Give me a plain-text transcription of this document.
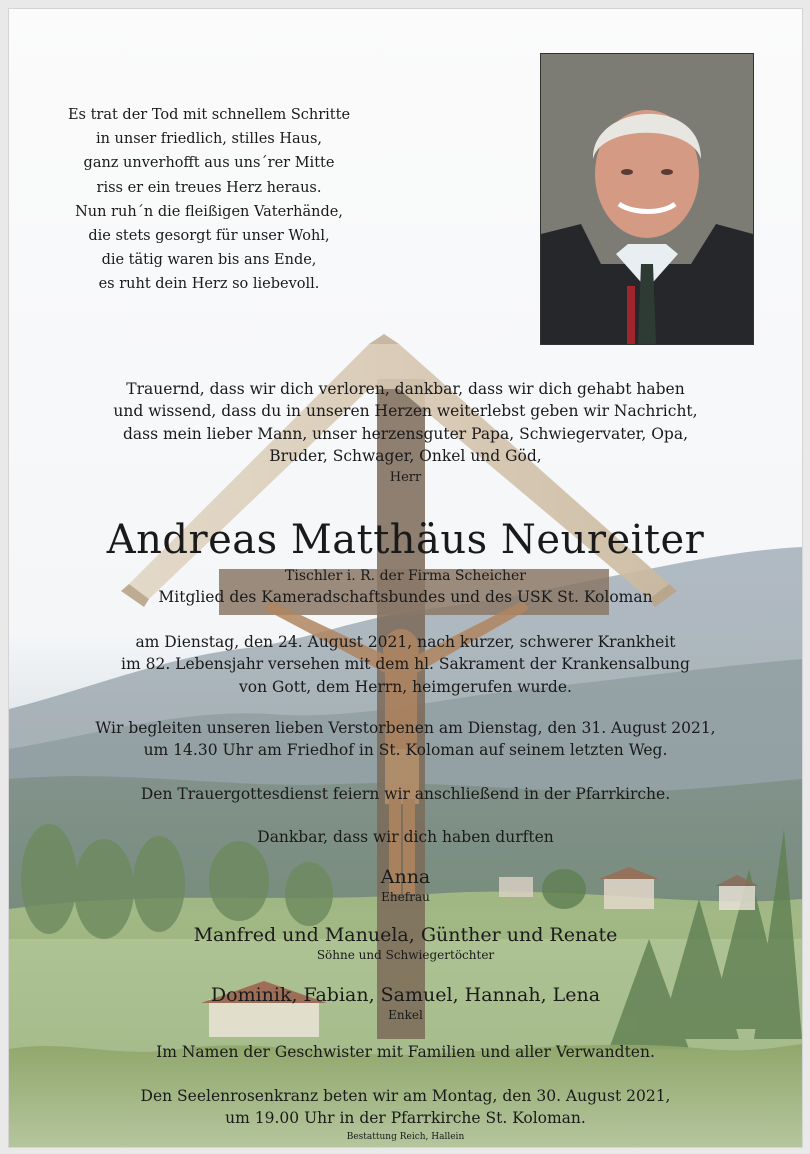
Es trat der Tod mit schnellem Schritte
in unser friedlich, stilles Haus,
ganz unverhofft aus uns´rer Mitte
riss er ein treues Herz heraus.
Nun ruh´n die fleißigen Vaterhände,
die stets gesorgt für unser Wohl,
die tätig waren bis ans Ende,
es ruht dein Herz so liebevoll.
Trauernd, dass wir dich verloren, dankbar, dass wir dich gehabt haben
und wissend, dass du in unseren Herzen weiterlebst geben wir Nachricht,
dass mein lieber Mann, unser herzensguter Papa, Schwiegervater, Opa,
Bruder, Schwager, Onkel und Göd,
Herr
Andreas Matthäus Neureiter
Tischler i. R. der Firma Scheicher
Mitglied des Kameradschaftsbundes und des USK St. Koloman
am Dienstag, den 24. August 2021, nach kurzer, schwerer Krankheit
im 82. Lebensjahr versehen mit dem hl. Sakrament der Krankensalbung
von Gott, dem Herrn, heimgerufen wurde.
Wir begleiten unseren lieben Verstorbenen am Dienstag, den 31. August 2021,
um 14.30 Uhr am Friedhof in St. Koloman auf seinem letzten Weg.
Den Trauergottesdienst feiern wir anschließend in der Pfarrkirche.
Dankbar, dass wir dich haben durften
Anna
Ehefrau
Manfred und Manuela, Günther und Renate
Söhne und Schwiegertöchter
Dominik, Fabian, Samuel, Hannah, Lena
Enkel
Im Namen der Geschwister mit Familien und aller Verwandten.
Den Seelenrosenkranz beten wir am Montag, den 30. August 2021,
um 19.00 Uhr in der Pfarrkirche St. Koloman.
Bestattung Reich, Hallein
